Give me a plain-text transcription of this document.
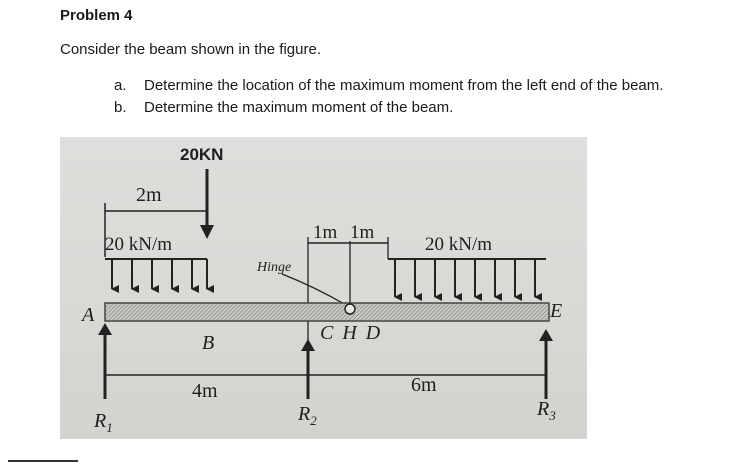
Problem 4
Consider the beam shown in the figure.
a. Determine the location of the maximum moment from the left end of the beam.
b. Determine the maximum moment of the beam.
20KN
2m
20 kN/m
1m 1m
20 kN/m
Hinge
A
B	C H D
E
$R_1$
$R_2$
$R_3$
4m	6m
